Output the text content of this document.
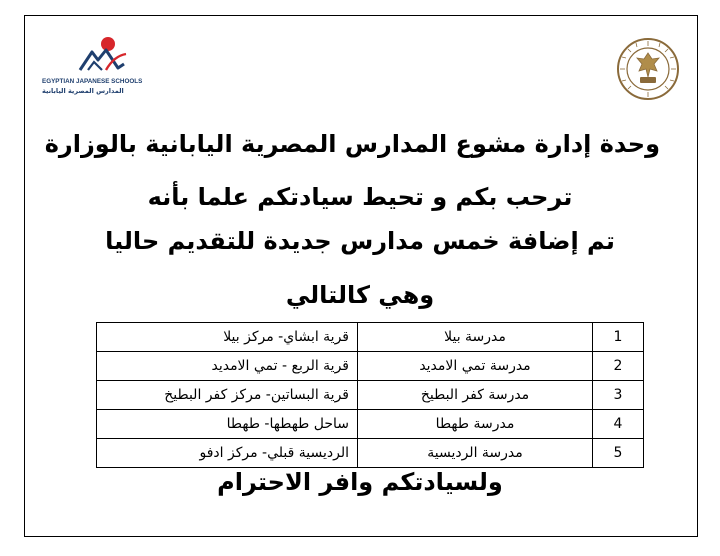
EGYPTIAN JAPANESE SCHOOLS
المدارس المصرية اليابانية
وحدة إدارة مشوع المدارس المصرية اليابانية بالوزارة
ترحب بكم و تحيط سيادتكم علما بأنه
تم إضافة خمس مدارس جديدة للتقديم حاليا
وهي كالتالي
1	مدرسة بيلا	قرية ابشاي- مركز بيلا
2	مدرسة تمي الامديد	قرية الربع - تمي الامديد
3	مدرسة كفر البطيخ	قرية البساتين- مركز كفر البطيخ
4	مدرسة طهطا	ساحل طهطها- طهطا
5	مدرسة الرديسية	الرديسية قبلي- مركز ادفو
ولسيادتكم وافر الاحترام
